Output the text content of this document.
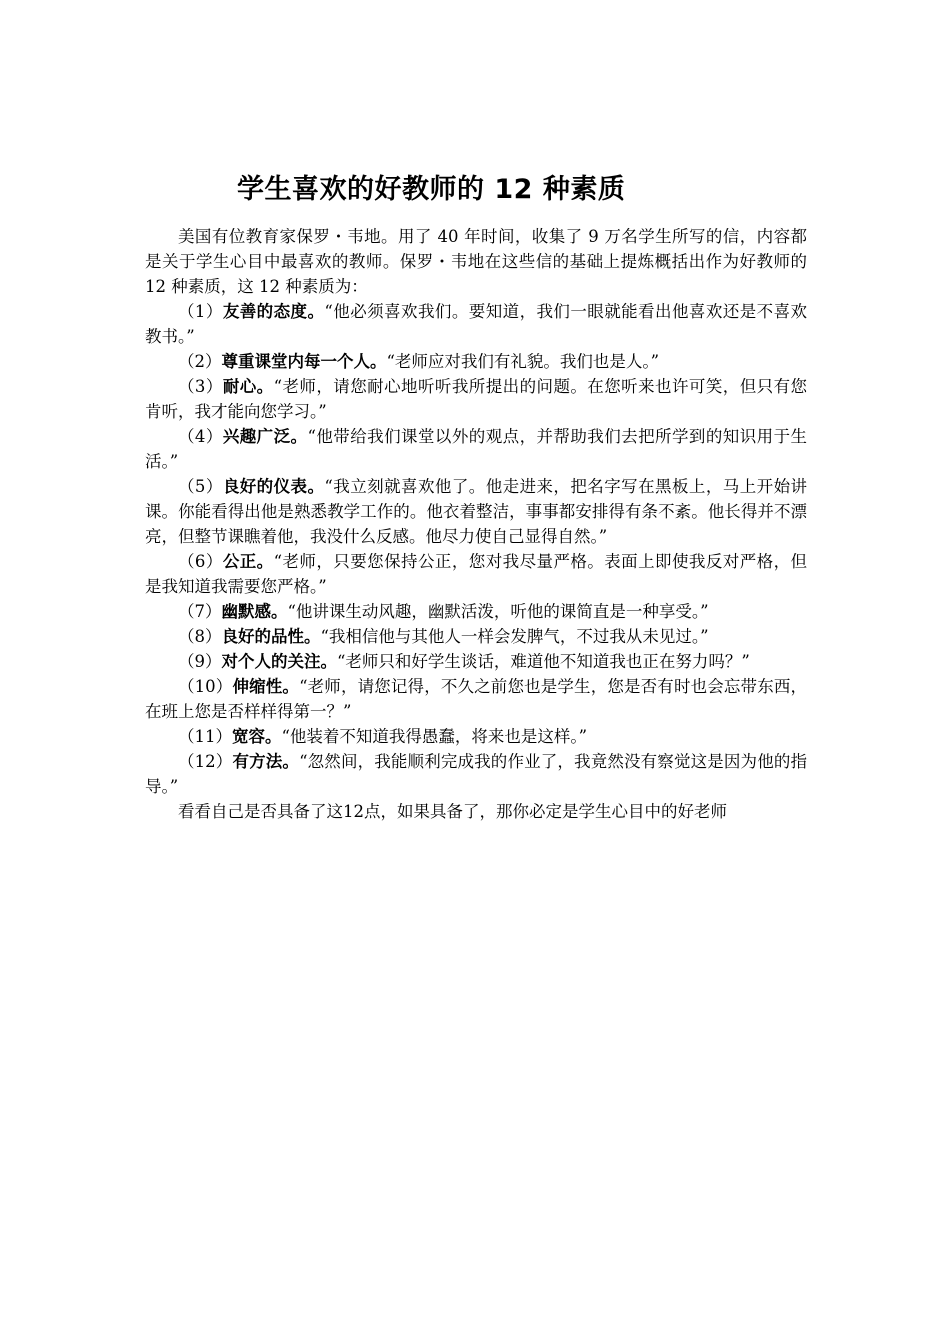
学生喜欢的好教师的 12 种素质

美国有位教育家保罗・韦地。用了 40 年时间，收集了 9 万名学生所写的信，内容都是关于学生心目中最喜欢的教师。保罗・韦地在这些信的基础上提炼概括出作为好教师的 12 种素质，这 12 种素质为：

（1）友善的态度。“他必须喜欢我们。要知道，我们一眼就能看出他喜欢还是不喜欢教书。”

（2）尊重课堂内每一个人。“老师应对我们有礼貌。我们也是人。”

（3）耐心。“老师，请您耐心地听听我所提出的问题。在您听来也许可笑，但只有您肯听，我才能向您学习。”

（4）兴趣广泛。“他带给我们课堂以外的观点，并帮助我们去把所学到的知识用于生活。”

（5）良好的仪表。“我立刻就喜欢他了。他走进来，把名字写在黑板上，马上开始讲课。你能看得出他是熟悉教学工作的。他衣着整洁，事事都安排得有条不紊。他长得并不漂亮，但整节课瞧着他，我没什么反感。他尽力使自己显得自然。”

（6）公正。“老师，只要您保持公正，您对我尽量严格。表面上即使我反对严格，但是我知道我需要您严格。”

（7）幽默感。“他讲课生动风趣，幽默活泼，听他的课简直是一种享受。”

（8）良好的品性。“我相信他与其他人一样会发脾气，不过我从未见过。”

（9）对个人的关注。“老师只和好学生谈话，难道他不知道我也正在努力吗？”

（10）伸缩性。“老师，请您记得，不久之前您也是学生，您是否有时也会忘带东西，在班上您是否样样得第一？”

（11）宽容。“他装着不知道我得愚蠢，将来也是这样。”

（12）有方法。“忽然间，我能顺利完成我的作业了，我竟然没有察觉这是因为他的指导。”

看看自己是否具备了这12点，如果具备了，那你必定是学生心目中的好老师
